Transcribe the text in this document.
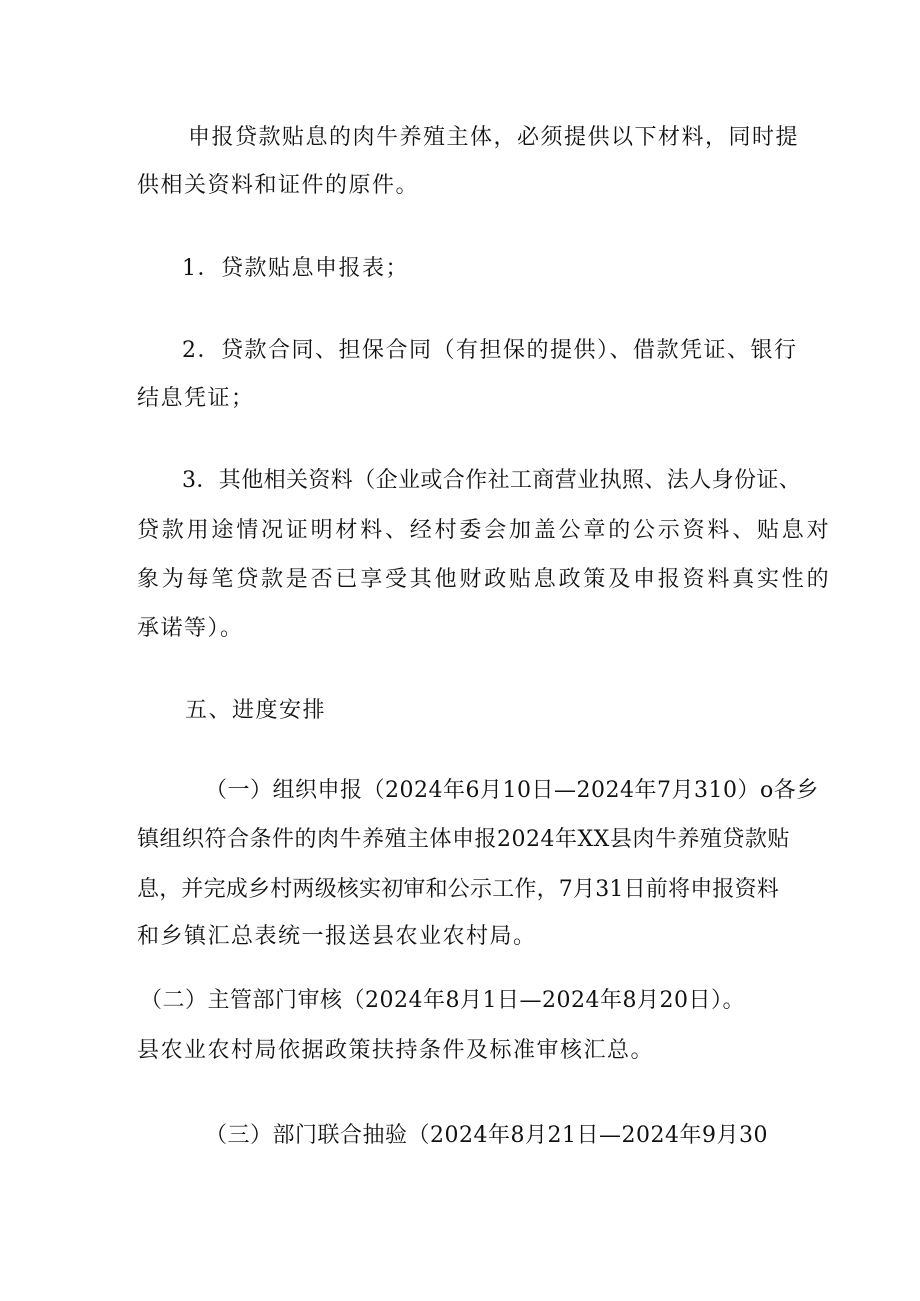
申报贷款贴息的肉牛养殖主体，必须提供以下材料，同时提

供相关资料和证件的原件。

1．贷款贴息申报表；

2．贷款合同、担保合同（有担保的提供）、借款凭证、银行

结息凭证；

3．其他相关资料（企业或合作社工商营业执照、法人身份证、

贷款用途情况证明材料、经村委会加盖公章的公示资料、贴息对

象为每笔贷款是否已享受其他财政贴息政策及申报资料真实性的

承诺等）。

五、进度安排

（一）组织申报（2024年6月10日—2024年7月310）o各乡

镇组织符合条件的肉牛养殖主体申报2024年XX县肉牛养殖贷款贴

息，并完成乡村两级核实初审和公示工作，7月31日前将申报资料

和乡镇汇总表统一报送县农业农村局。

（二）主管部门审核（2024年8月1日—2024年8月20日）。

县农业农村局依据政策扶持条件及标准审核汇总。

（三）部门联合抽验（2024年8月21日—2024年9月30
